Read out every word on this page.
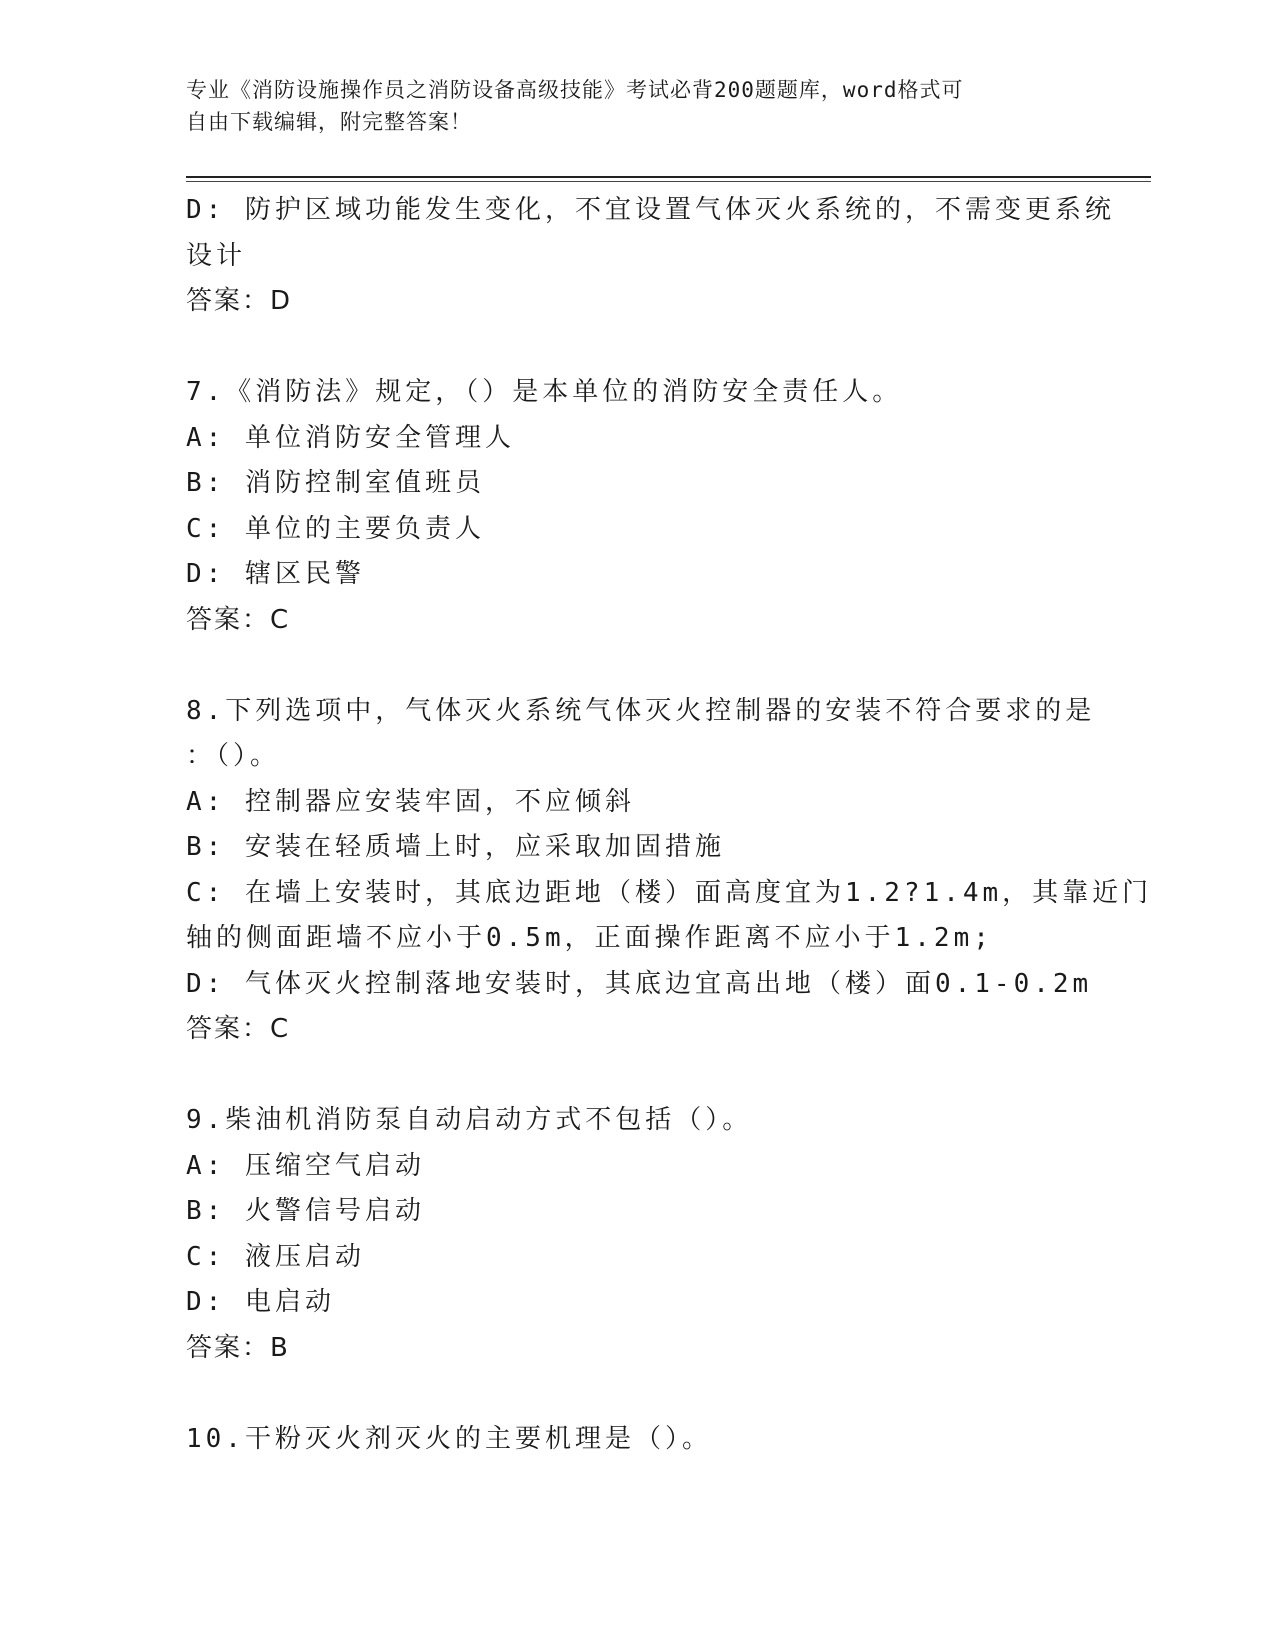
专业《消防设施操作员之消防设备高级技能》考试必背200题题库，word格式可
自由下载编辑，附完整答案！
D: 防护区域功能发生变化，不宜设置气体灭火系统的，不需变更系统
设计
答案：D
7.《消防法》规定，（）是本单位的消防安全责任人。
A: 单位消防安全管理人
B: 消防控制室值班员
C: 单位的主要负责人
D: 辖区民警
答案：C
8.下列选项中，气体灭火系统气体灭火控制器的安装不符合要求的是
：（）。
A: 控制器应安装牢固，不应倾斜
B: 安装在轻质墙上时，应采取加固措施
C: 在墙上安装时，其底边距地（楼）面高度宜为1.2?1.4m，其靠近门
轴的侧面距墙不应小于0.5m，正面操作距离不应小于1.2m;
D: 气体灭火控制落地安装时，其底边宜高出地（楼）面0.1-0.2m
答案：C
9.柴油机消防泵自动启动方式不包括（）。
A: 压缩空气启动
B: 火警信号启动
C: 液压启动
D: 电启动
答案：B
10.干粉灭火剂灭火的主要机理是（）。
